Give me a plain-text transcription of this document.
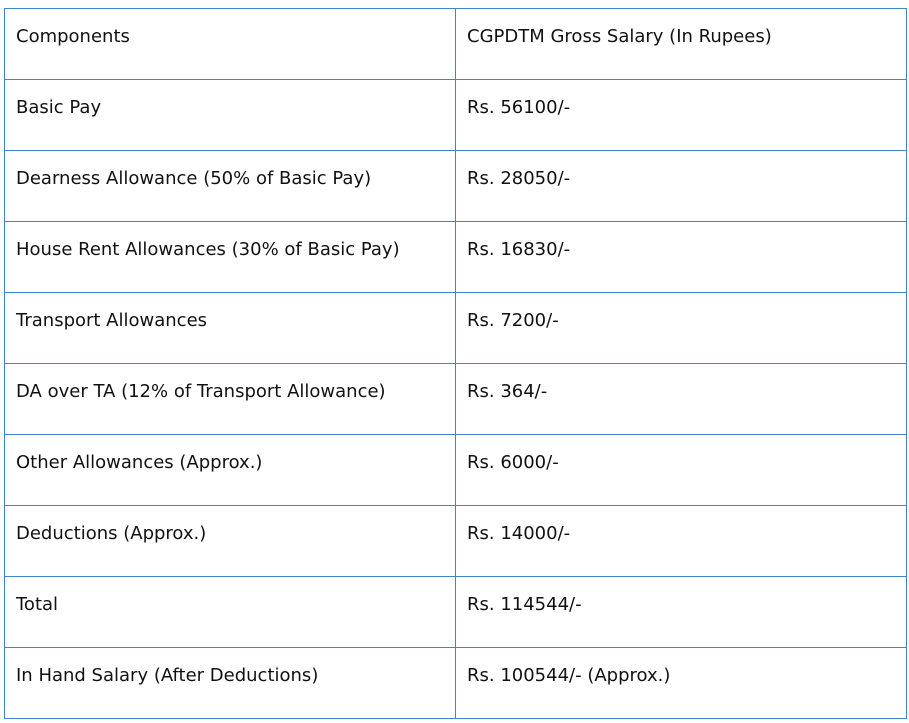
Components	CGPDTM Gross Salary (In Rupees)
Basic Pay	Rs. 56100/-
Dearness Allowance (50% of Basic Pay)	Rs. 28050/-
House Rent Allowances (30% of Basic Pay)	Rs. 16830/-
Transport Allowances	Rs. 7200/-
DA over TA (12% of Transport Allowance)	Rs. 364/-
Other Allowances (Approx.)	Rs. 6000/-
Deductions (Approx.)	Rs. 14000/-
Total	Rs. 114544/-
In Hand Salary (After Deductions)	Rs. 100544/- (Approx.)
